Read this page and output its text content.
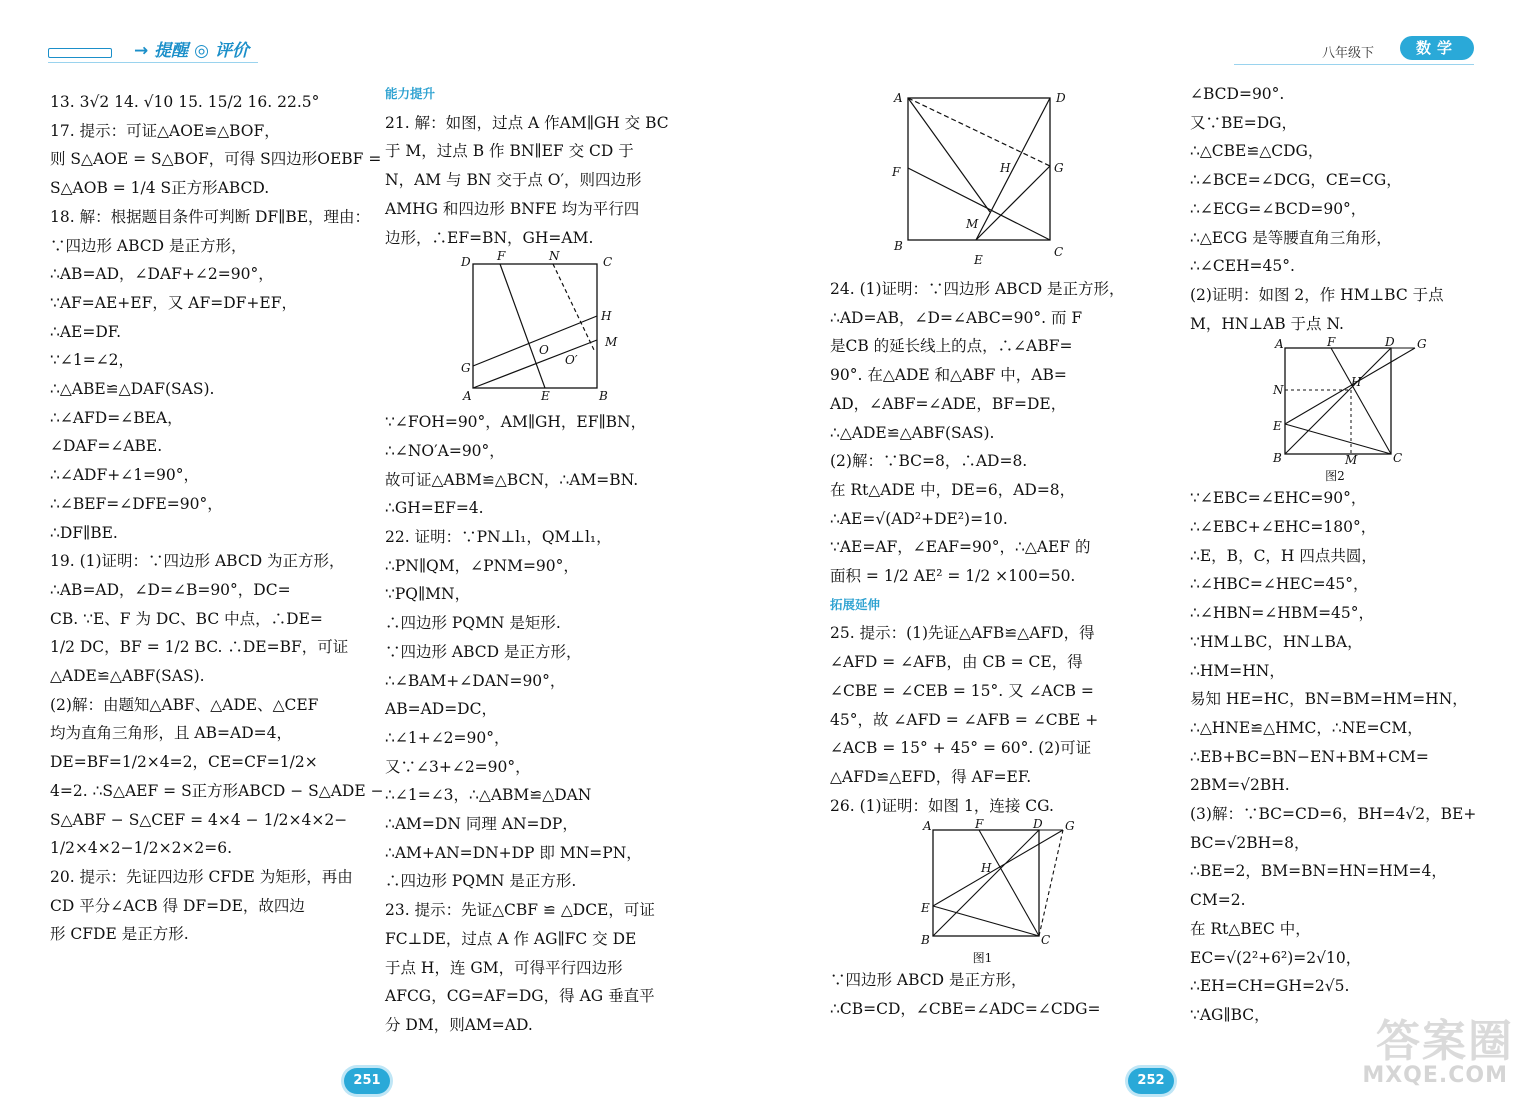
→ 提醒 ◎ 评价	八年级下	数学
13. 3√2 14. √10 15. 15/2 16. 22.5°
17. 提示：可证△AOE≌△BOF，
则 S△AOE = S△BOF，可得 S四边形OEBF =
S△AOB = 1/4 S正方形ABCD.
18. 解：根据题目条件可判断 DF∥BE，理由：
∵四边形 ABCD 是正方形，
∴AB=AD，∠DAF+∠2=90°，
∵AF=AE+EF，又 AF=DF+EF，
∴AE=DF.
∵∠1=∠2，
∴△ABE≌△DAF(SAS).
∴∠AFD=∠BEA，
∠DAF=∠ABE.
∴∠ADF+∠1=90°，
∴∠BEF=∠DFE=90°，
∴DF∥BE.
19. (1)证明：∵四边形 ABCD 为正方形，
∴AB=AD，∠D=∠B=90°，DC=
CB. ∵E、F 为 DC、BC 中点，∴DE=
1/2 DC，BF = 1/2 BC. ∴DE=BF，可证
△ADE≌△ABF(SAS).
(2)解：由题知△ABF、△ADE、△CEF
均为直角三角形，且 AB=AD=4，
DE=BF=1/2×4=2，CE=CF=1/2×
4=2. ∴S△AEF = S正方形ABCD − S△ADE −
S△ABF − S△CEF = 4×4 − 1/2×4×2−
1/2×4×2−1/2×2×2=6.
20. 提示：先证四边形 CFDE 为矩形，再由
CD 平分∠ACB 得 DF=DE，故四边
形 CFDE 是正方形.
能力提升
21. 解：如图，过点 A 作AM∥GH 交 BC
于 M，过点 B 作 BN∥EF 交 CD 于
N，AM 与 BN 交于点 O′，则四边形
AMHG 和四边形 BNFE 均为平行四
边形，∴EF=BN，GH=AM.
D F	N	C
H
M
G
A	E	B
O
O′
∵∠FOH=90°，AM∥GH，EF∥BN，
∴∠NO′A=90°，
故可证△ABM≌△BCN，∴AM=BN.
∴GH=EF=4.
22. 证明：∵PN⊥l₁，QM⊥l₁，
∴PN∥QM，∠PNM=90°，
∵PQ∥MN，
∴四边形 PQMN 是矩形.
∵四边形 ABCD 是正方形，
∴∠BAM+∠DAN=90°，
AB=AD=DC，
∴∠1+∠2=90°，
又∵∠3+∠2=90°，
∴∠1=∠3，∴△ABM≌△DAN
∴AM=DN 同理 AN=DP，
∴AM+AN=DN+DP 即 MN=PN，
∴四边形 PQMN 是正方形.
23. 提示：先证△CBF ≌ △DCE，可证
FC⊥DE，过点 A 作 AG∥FC 交 DE
于点 H，连 GM，可得平行四边形
AFCG，CG=AF=DG，得 AG 垂直平
分 DM，则AM=AD.
A	D
F	G
H
M
B	C
E
24. (1)证明：∵四边形 ABCD 是正方形，
∴AD=AB，∠D=∠ABC=90°. 而 F
是CB 的延长线上的点，∴∠ABF=
90°. 在△ADE 和△ABF 中，AB=
AD，∠ABF=∠ADE，BF=DE，
∴△ADE≌△ABF(SAS).
(2)解：∵BC=8，∴AD=8.
在 Rt△ADE 中，DE=6，AD=8，
∴AE=√(AD²+DE²)=10.
∵AE=AF，∠EAF=90°，∴△AEF 的
面积 = 1/2 AE² = 1/2 ×100=50.
拓展延伸
25. 提示：(1)先证△AFB≌△AFD，得
∠AFD = ∠AFB，由 CB = CE，得
∠CBE = ∠CEB = 15°. 又 ∠ACB =
45°，故 ∠AFD = ∠AFB = ∠CBE +
∠ACB = 15° + 45° = 60°. (2)可证
△AFD≌△EFD，得 AF=EF.
26. (1)证明：如图 1，连接 CG.
A	F	D G
H
E
B	C
图1
∵四边形 ABCD 是正方形，
∴CB=CD，∠CBE=∠ADC=∠CDG=
∠BCD=90°.
又∵BE=DG，
∴△CBE≌△CDG，
∴∠BCE=∠DCG，CE=CG，
∴∠ECG=∠BCD=90°，
∴△ECG 是等腰直角三角形，
∴∠CEH=45°.
(2)证明：如图 2，作 HM⊥BC 于点
M，HN⊥AB 于点 N.
A	F	D G
N
H
E
B	M	C
图2
∵∠EBC=∠EHC=90°，
∴∠EBC+∠EHC=180°，
∴E，B，C，H 四点共圆，
∴∠HBC=∠HEC=45°，
∴∠HBN=∠HBM=45°，
∵HM⊥BC，HN⊥BA，
∴HM=HN，
易知 HE=HC，BN=BM=HM=HN，
∴△HNE≌△HMC，∴NE=CM，
∴EB+BC=BN−EN+BM+CM=
2BM=√2BH.
(3)解：∵BC=CD=6，BH=4√2，BE+
BC=√2BH=8，
∴BE=2，BM=BN=HN=HM=4，
CM=2.
在 Rt△BEC 中，
EC=√(2²+6²)=2√10，
∴EH=CH=GH=2√5.
∵AG∥BC，
251	252
答案圈
MXQE.COM
